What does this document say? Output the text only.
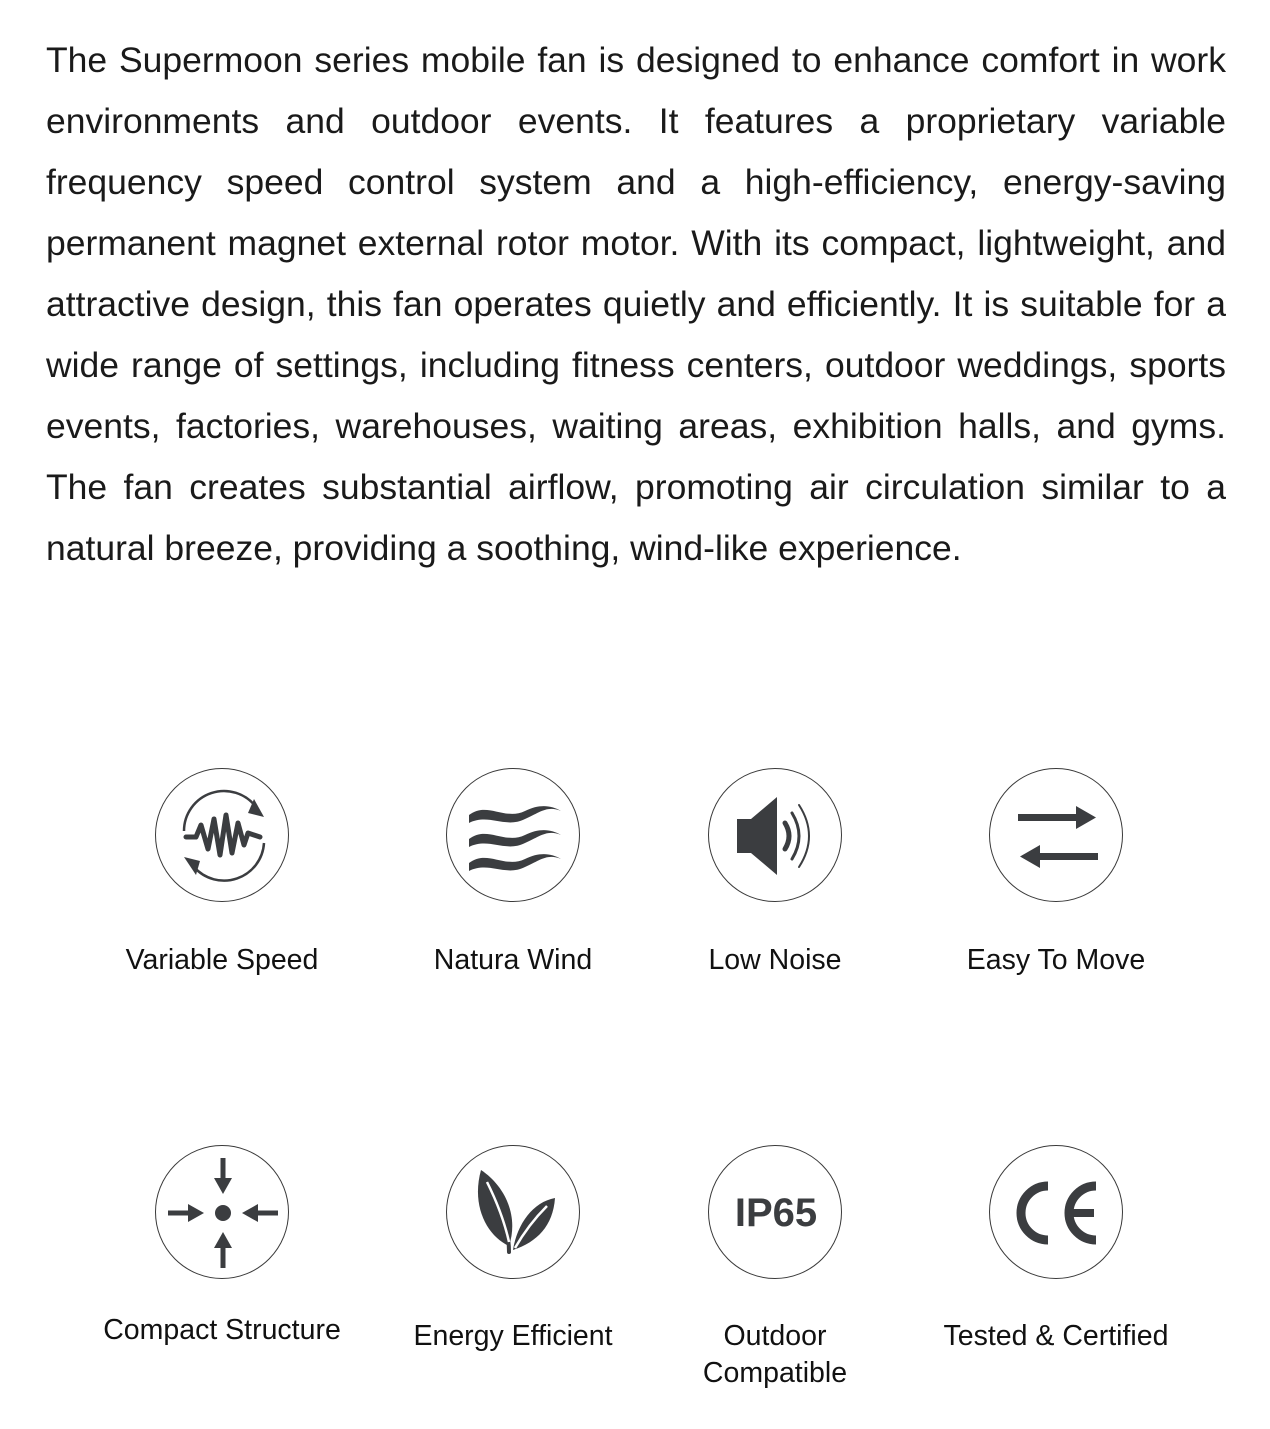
The Supermoon series mobile fan is designed to enhance comfort in work environments and outdoor events. It features a proprietary variable frequency speed control system and a high-efficiency, energy-saving permanent magnet external rotor motor. With its compact, lightweight, and attractive design, this fan operates quietly and efficiently. It is suitable for a wide range of settings, including fitness centers, outdoor weddings, sports events, factories, warehouses, waiting areas, exhibition halls, and gyms. The fan creates substantial airflow, promoting air circulation similar to a natural breeze, providing a soothing, wind-like experience.

Variable Speed	Natura Wind	Low Noise	Easy To Move
Compact Structure	Energy Efficient
IP65
Outdoor
Compatible
Tested & Certified
